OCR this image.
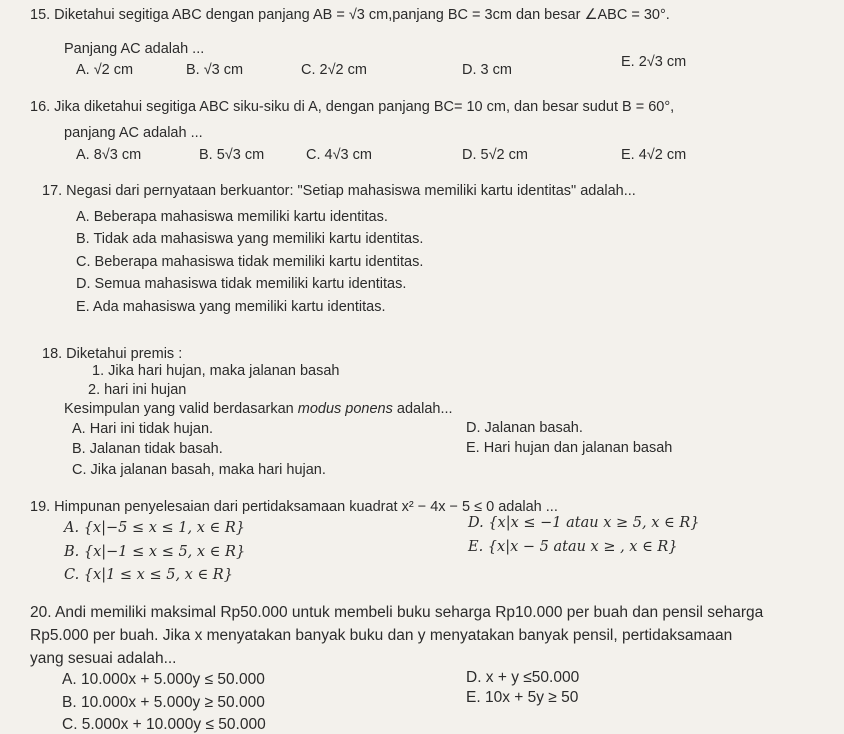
15. Diketahui segitiga ABC dengan panjang AB = √3 cm,panjang BC = 3cm dan besar ∠ABC = 30°.
Panjang AC adalah ...
A. √2 cm	B. √3 cm	C. 2√2 cm	D. 3 cm	E. 2√3 cm
16. Jika diketahui segitiga ABC siku-siku di A, dengan panjang BC= 10 cm, dan besar sudut B = 60°,
panjang AC adalah ...
A. 8√3 cm	B. 5√3 cm	C. 4√3 cm	D. 5√2 cm	E. 4√2 cm
17. Negasi dari pernyataan berkuantor: "Setiap mahasiswa memiliki kartu identitas" adalah...
A. Beberapa mahasiswa memiliki kartu identitas.
B. Tidak ada mahasiswa yang memiliki kartu identitas.
C. Beberapa mahasiswa tidak memiliki kartu identitas.
D. Semua mahasiswa tidak memiliki kartu identitas.
E. Ada mahasiswa yang memiliki kartu identitas.
18. Diketahui premis :
1. Jika hari hujan, maka jalanan basah
2. hari ini hujan
Kesimpulan yang valid berdasarkan modus ponens adalah...
A. Hari ini tidak hujan.	D. Jalanan basah.
B. Jalanan tidak basah.	E. Hari hujan dan jalanan basah
C. Jika jalanan basah, maka hari hujan.
19. Himpunan penyelesaian dari pertidaksamaan kuadrat x² − 4x − 5 ≤ 0 adalah ...
A. {x|−5 ≤ x ≤ 1, x ∈ R}	D. {x|x ≤ −1 atau x ≥ 5, x ∈ R}
B. {x|−1 ≤ x ≤ 5, x ∈ R}	E. {x|x − 5 atau x ≥ , x ∈ R}
C. {x|1 ≤ x ≤ 5, x ∈ R}
20. Andi memiliki maksimal Rp50.000 untuk membeli buku seharga Rp10.000 per buah dan pensil seharga
Rp5.000 per buah. Jika x menyatakan banyak buku dan y menyatakan banyak pensil, pertidaksamaan
yang sesuai adalah...
A. 10.000x + 5.000y ≤ 50.000	D. x + y ≤50.000
B. 10.000x + 5.000y ≥ 50.000	E. 10x + 5y ≥ 50
C. 5.000x + 10.000y ≤ 50.000
